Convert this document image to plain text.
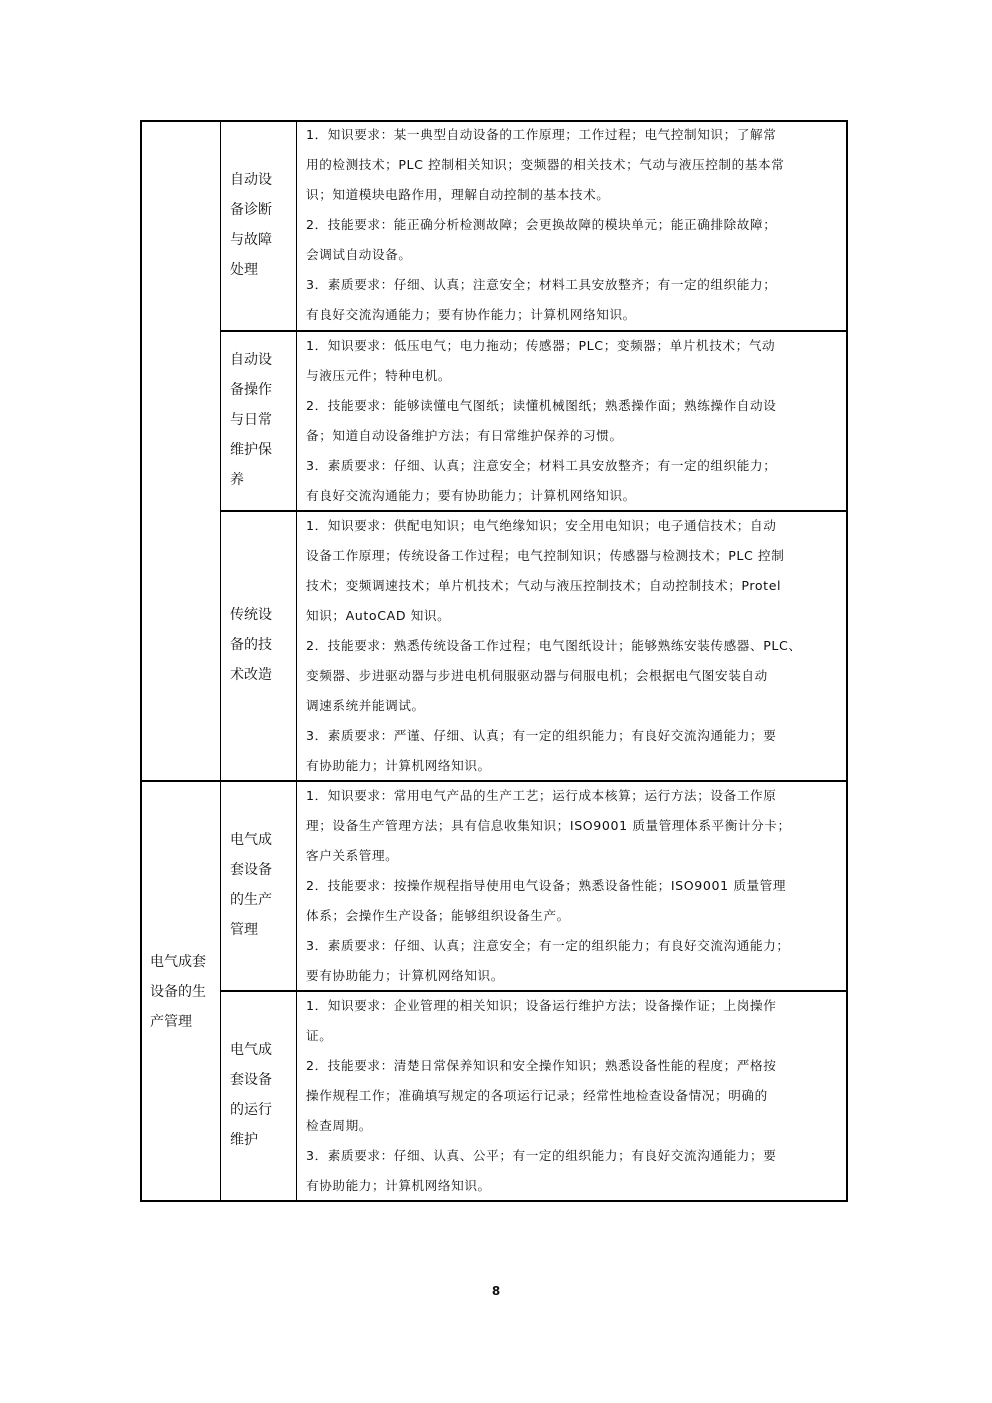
电气成套
设备的生
产管理
自动设
备诊断
与故障
处理
1．知识要求：某一典型自动设备的工作原理；工作过程；电气控制知识；了解常
用的检测技术；PLC 控制相关知识；变频器的相关技术；气动与液压控制的基本常
识；知道模块电路作用，理解自动控制的基本技术。
2．技能要求：能正确分析检测故障；会更换故障的模块单元；能正确排除故障；
会调试自动设备。
3．素质要求：仔细、认真；注意安全；材料工具安放整齐；有一定的组织能力；
有良好交流沟通能力；要有协作能力；计算机网络知识。
自动设
备操作
与日常
维护保
养
1．知识要求：低压电气；电力拖动；传感器；PLC；变频器；单片机技术；气动
与液压元件；特种电机。
2．技能要求：能够读懂电气图纸；读懂机械图纸；熟悉操作面；熟练操作自动设
备；知道自动设备维护方法；有日常维护保养的习惯。
3．素质要求：仔细、认真；注意安全；材料工具安放整齐；有一定的组织能力；
有良好交流沟通能力；要有协助能力；计算机网络知识。
传统设
备的技
术改造
1．知识要求：供配电知识；电气绝缘知识；安全用电知识；电子通信技术；自动
设备工作原理；传统设备工作过程；电气控制知识；传感器与检测技术；PLC 控制
技术；变频调速技术；单片机技术；气动与液压控制技术；自动控制技术；Protel
知识；AutoCAD 知识。
2．技能要求：熟悉传统设备工作过程；电气图纸设计；能够熟练安装传感器、PLC、
变频器、步进驱动器与步进电机伺服驱动器与伺服电机；会根据电气图安装自动
调速系统并能调试。
3．素质要求：严谨、仔细、认真；有一定的组织能力；有良好交流沟通能力；要
有协助能力；计算机网络知识。
电气成
套设备
的生产
管理
1．知识要求：常用电气产品的生产工艺；运行成本核算；运行方法；设备工作原
理；设备生产管理方法；具有信息收集知识；ISO9001 质量管理体系平衡计分卡；
客户关系管理。
2．技能要求：按操作规程指导使用电气设备；熟悉设备性能；ISO9001 质量管理
体系；会操作生产设备；能够组织设备生产。
3．素质要求：仔细、认真；注意安全；有一定的组织能力；有良好交流沟通能力；
要有协助能力；计算机网络知识。
电气成
套设备
的运行
维护
1．知识要求：企业管理的相关知识；设备运行维护方法；设备操作证；上岗操作
证。
2．技能要求：清楚日常保养知识和安全操作知识；熟悉设备性能的程度；严格按
操作规程工作；准确填写规定的各项运行记录；经常性地检查设备情况；明确的
检查周期。
3．素质要求：仔细、认真、公平；有一定的组织能力；有良好交流沟通能力；要
有协助能力；计算机网络知识。
8
